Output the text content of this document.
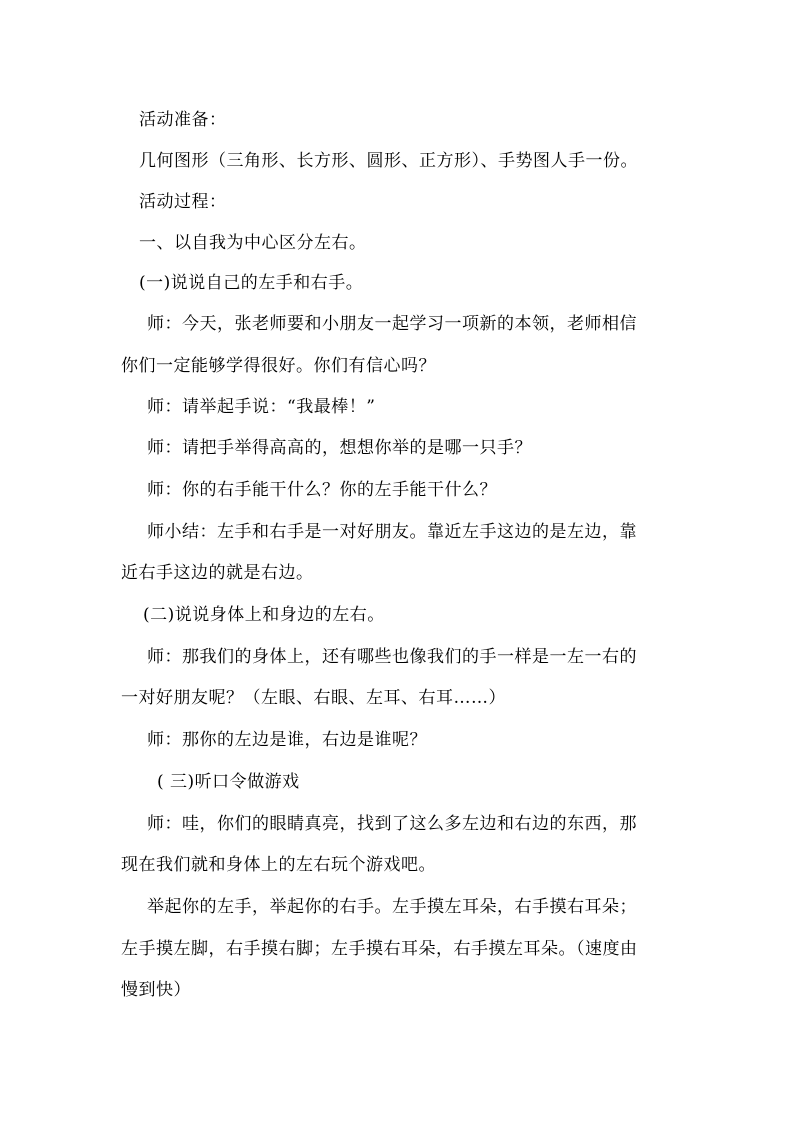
活动准备：
几何图形（三角形、长方形、圆形、正方形）、手势图人手一份。
活动过程：
一、以自我为中心区分左右。
(一)说说自己的左手和右手。
师：今天，张老师要和小朋友一起学习一项新的本领，老师相信
你们一定能够学得很好。你们有信心吗？
师：请举起手说：“我最棒！”
师：请把手举得高高的，想想你举的是哪一只手？
师：你的右手能干什么？你的左手能干什么？
师小结：左手和右手是一对好朋友。靠近左手这边的是左边，靠
近右手这边的就是右边。
(二)说说身体上和身边的左右。
师：那我们的身体上，还有哪些也像我们的手一样是一左一右的
一对好朋友呢？（左眼、右眼、左耳、右耳……）
师：那你的左边是谁，右边是谁呢？
( 三)听口令做游戏
师：哇，你们的眼睛真亮，找到了这么多左边和右边的东西，那
现在我们就和身体上的左右玩个游戏吧。
举起你的左手，举起你的右手。左手摸左耳朵，右手摸右耳朵；
左手摸左脚，右手摸右脚；左手摸右耳朵，右手摸左耳朵。（速度由
慢到快）
